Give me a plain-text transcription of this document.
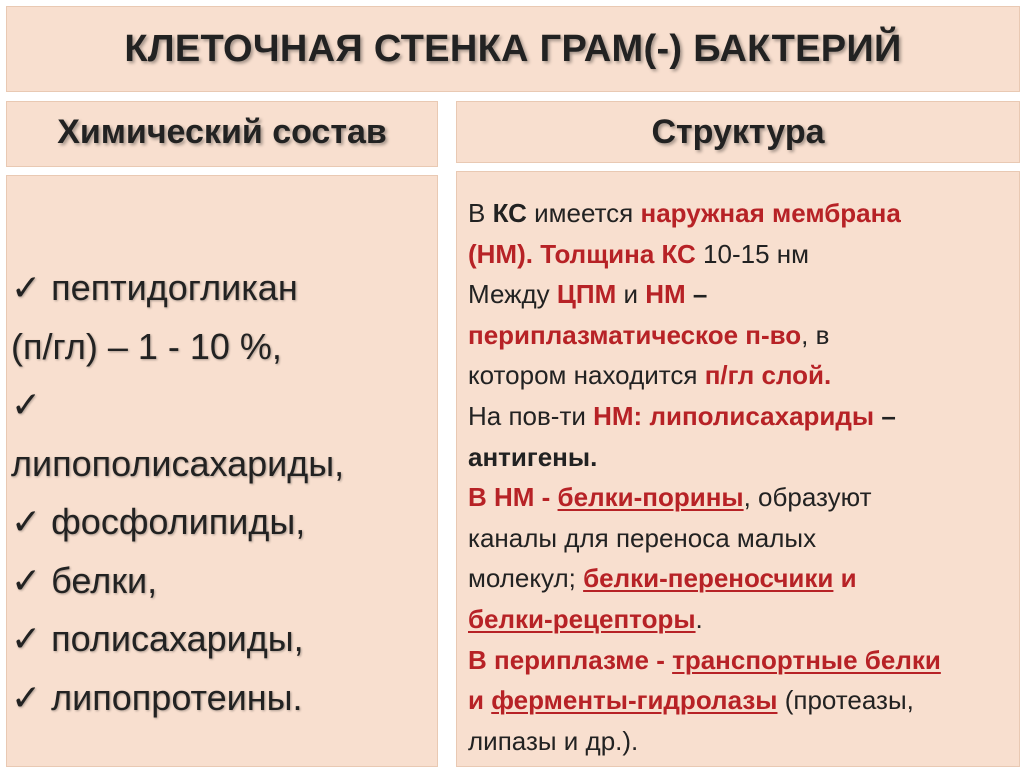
КЛЕТОЧНАЯ СТЕНКА ГРАМ(-) БАКТЕРИЙ
Химический состав	Структура
✓ пептидогликан
(п/гл) – 1 - 10 %,
✓
липополисахариды,
✓ фосфолипиды,
✓ белки,
✓ полисахариды,
✓ липопротеины.
В КС имеется наружная мембрана
(НМ). Толщина КС 10-15 нм
Между ЦПМ и НМ –
периплазматическое п-во, в
котором находится п/гл слой.
На пов-ти НМ: липолисахариды –
антигены.
В НМ - белки-порины, образуют
каналы для переноса малых
молекул; белки-переносчики и
белки-рецепторы.
В периплазме - транспортные белки
и ферменты-гидролазы (протеазы,
липазы и др.).
